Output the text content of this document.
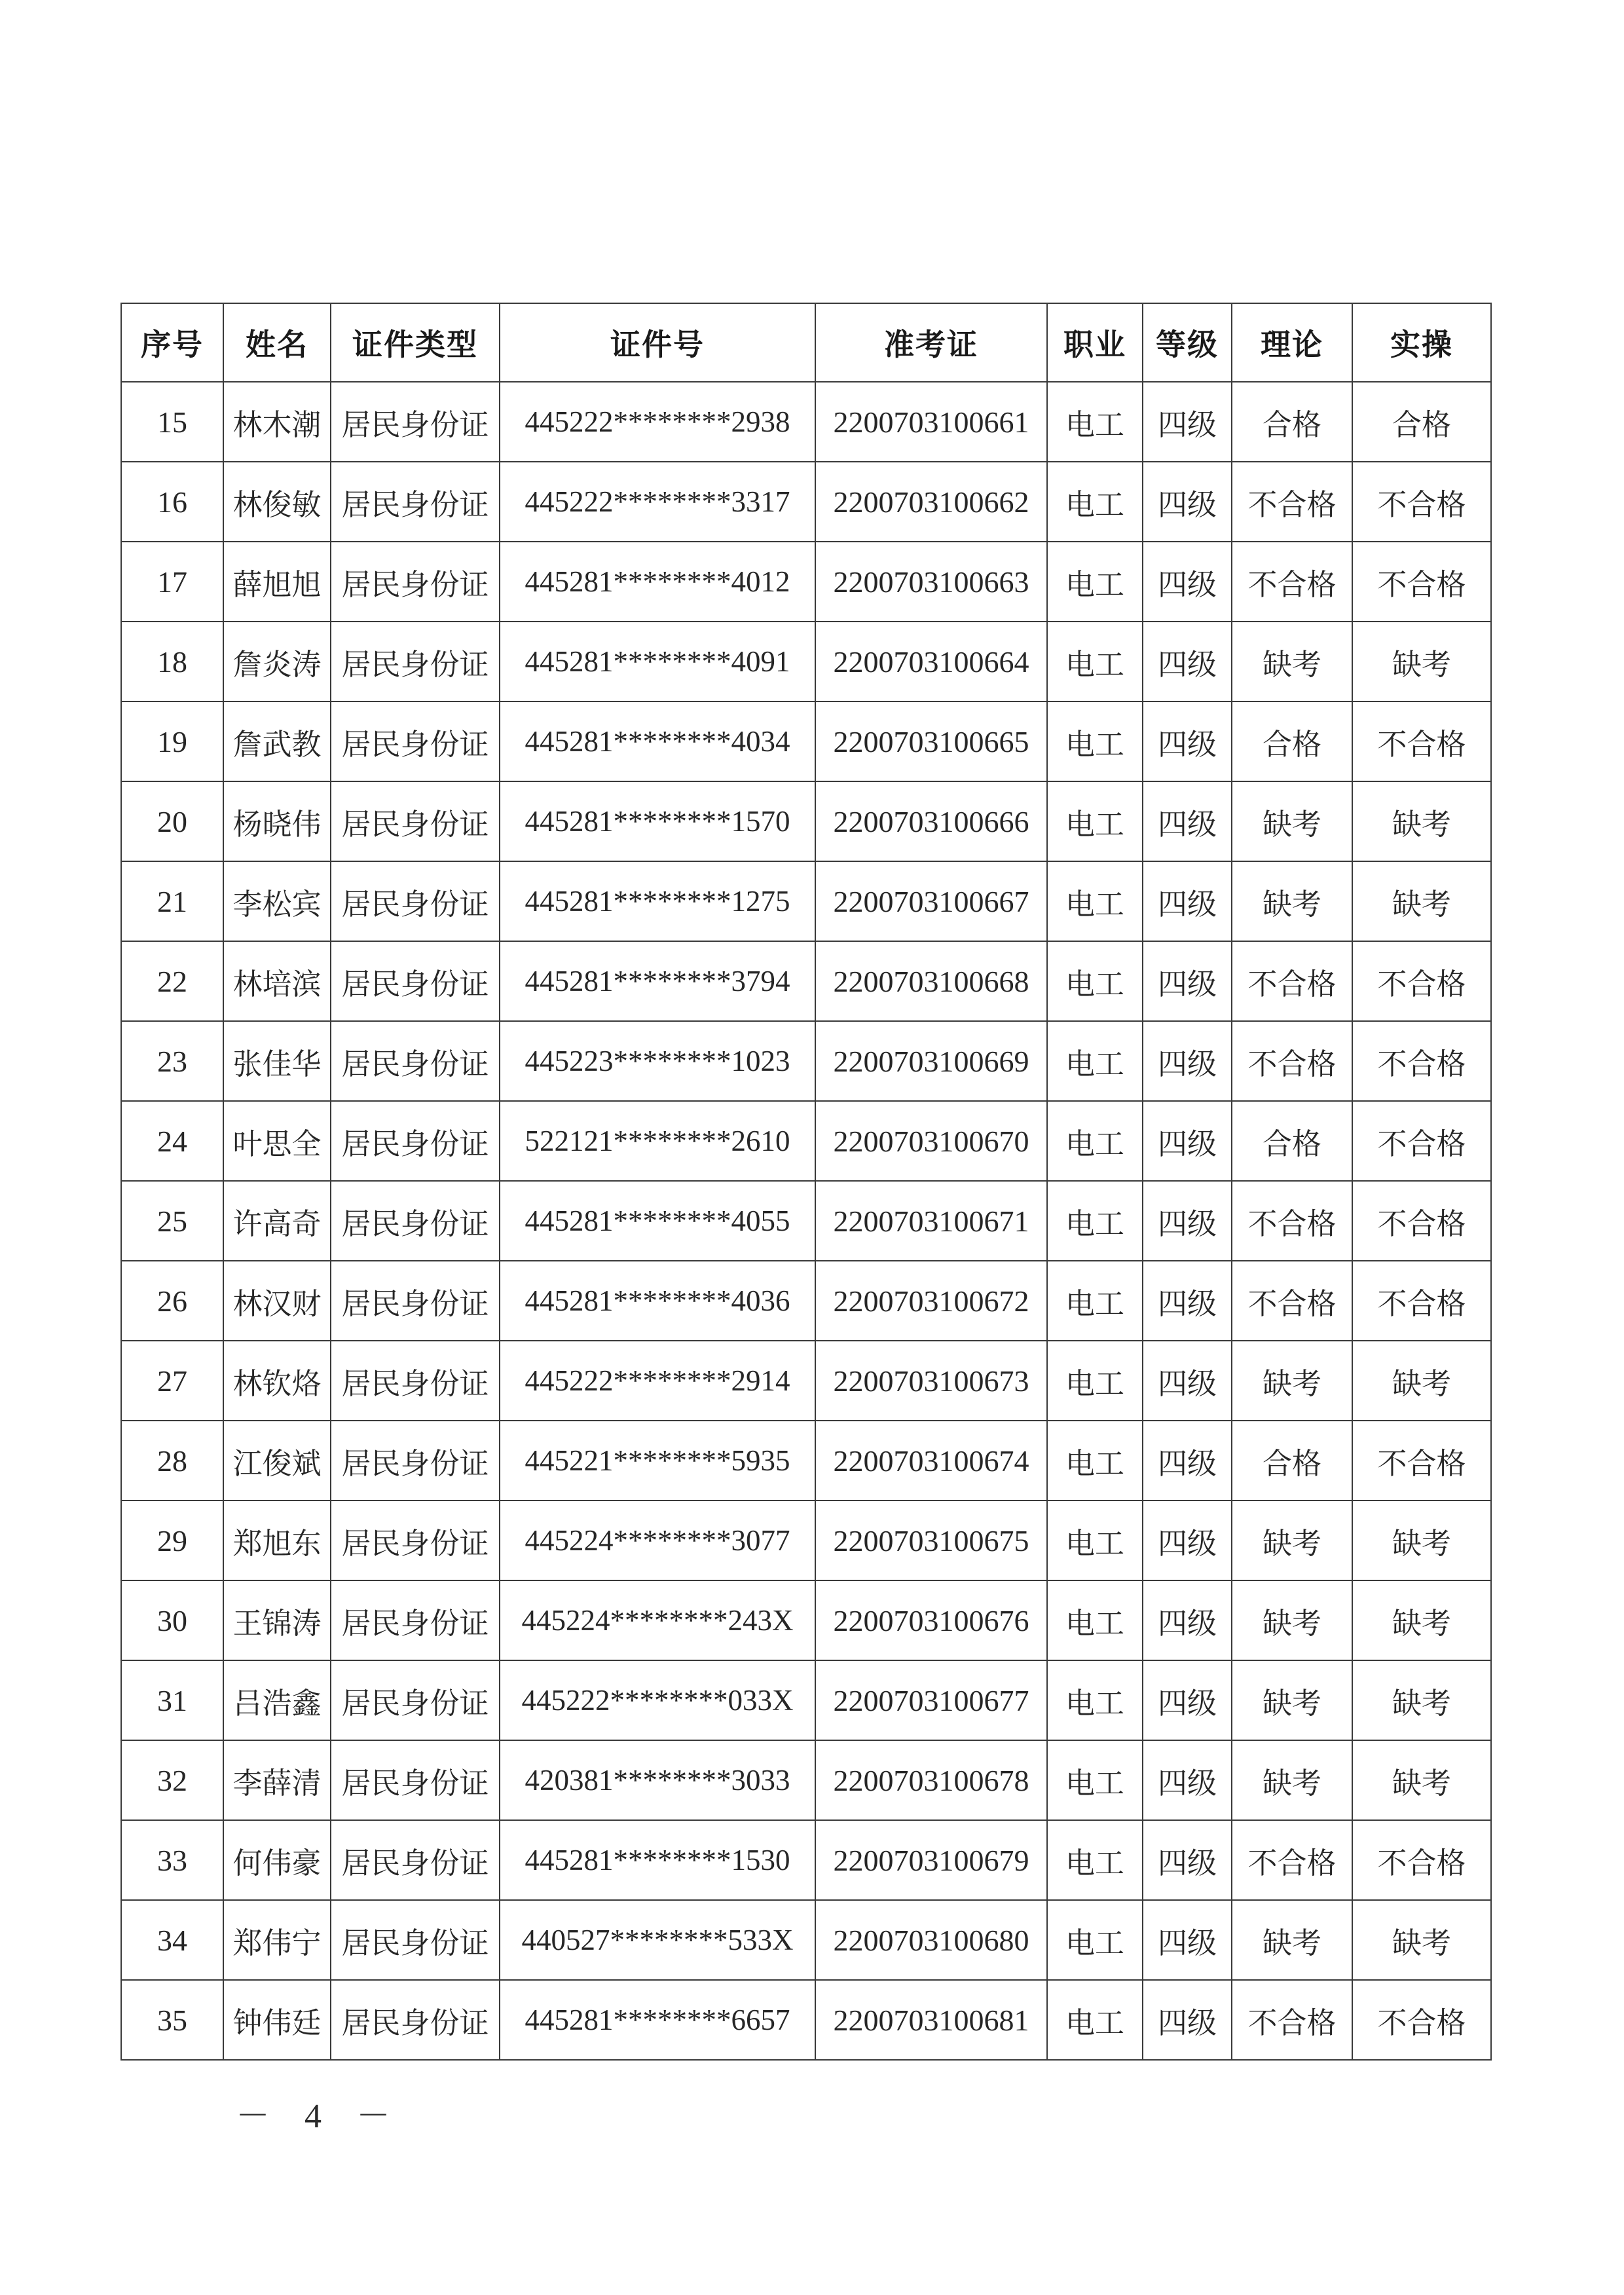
序号	姓名	证件类型	证件号	准考证	职业	等级	理论	实操
15	林木潮	居民身份证	445222********2938	2200703100661	电工	四级	合格	合格
16	林俊敏	居民身份证	445222********3317	2200703100662	电工	四级	不合格	不合格
17	薛旭旭	居民身份证	445281********4012	2200703100663	电工	四级	不合格	不合格
18	詹炎涛	居民身份证	445281********4091	2200703100664	电工	四级	缺考	缺考
19	詹武教	居民身份证	445281********4034	2200703100665	电工	四级	合格	不合格
20	杨晓伟	居民身份证	445281********1570	2200703100666	电工	四级	缺考	缺考
21	李松宾	居民身份证	445281********1275	2200703100667	电工	四级	缺考	缺考
22	林培滨	居民身份证	445281********3794	2200703100668	电工	四级	不合格	不合格
23	张佳华	居民身份证	445223********1023	2200703100669	电工	四级	不合格	不合格
24	叶思全	居民身份证	522121********2610	2200703100670	电工	四级	合格	不合格
25	许高奇	居民身份证	445281********4055	2200703100671	电工	四级	不合格	不合格
26	林汉财	居民身份证	445281********4036	2200703100672	电工	四级	不合格	不合格
27	林钦烙	居民身份证	445222********2914	2200703100673	电工	四级	缺考	缺考
28	江俊斌	居民身份证	445221********5935	2200703100674	电工	四级	合格	不合格
29	郑旭东	居民身份证	445224********3077	2200703100675	电工	四级	缺考	缺考
30	王锦涛	居民身份证	445224********243X	2200703100676	电工	四级	缺考	缺考
31	吕浩鑫	居民身份证	445222********033X	2200703100677	电工	四级	缺考	缺考
32	李薛清	居民身份证	420381********3033	2200703100678	电工	四级	缺考	缺考
33	何伟豪	居民身份证	445281********1530	2200703100679	电工	四级	不合格	不合格
34	郑伟宁	居民身份证	440527********533X	2200703100680	电工	四级	缺考	缺考
35	钟伟廷	居民身份证	445281********6657	2200703100681	电工	四级	不合格	不合格
－ 4 －
